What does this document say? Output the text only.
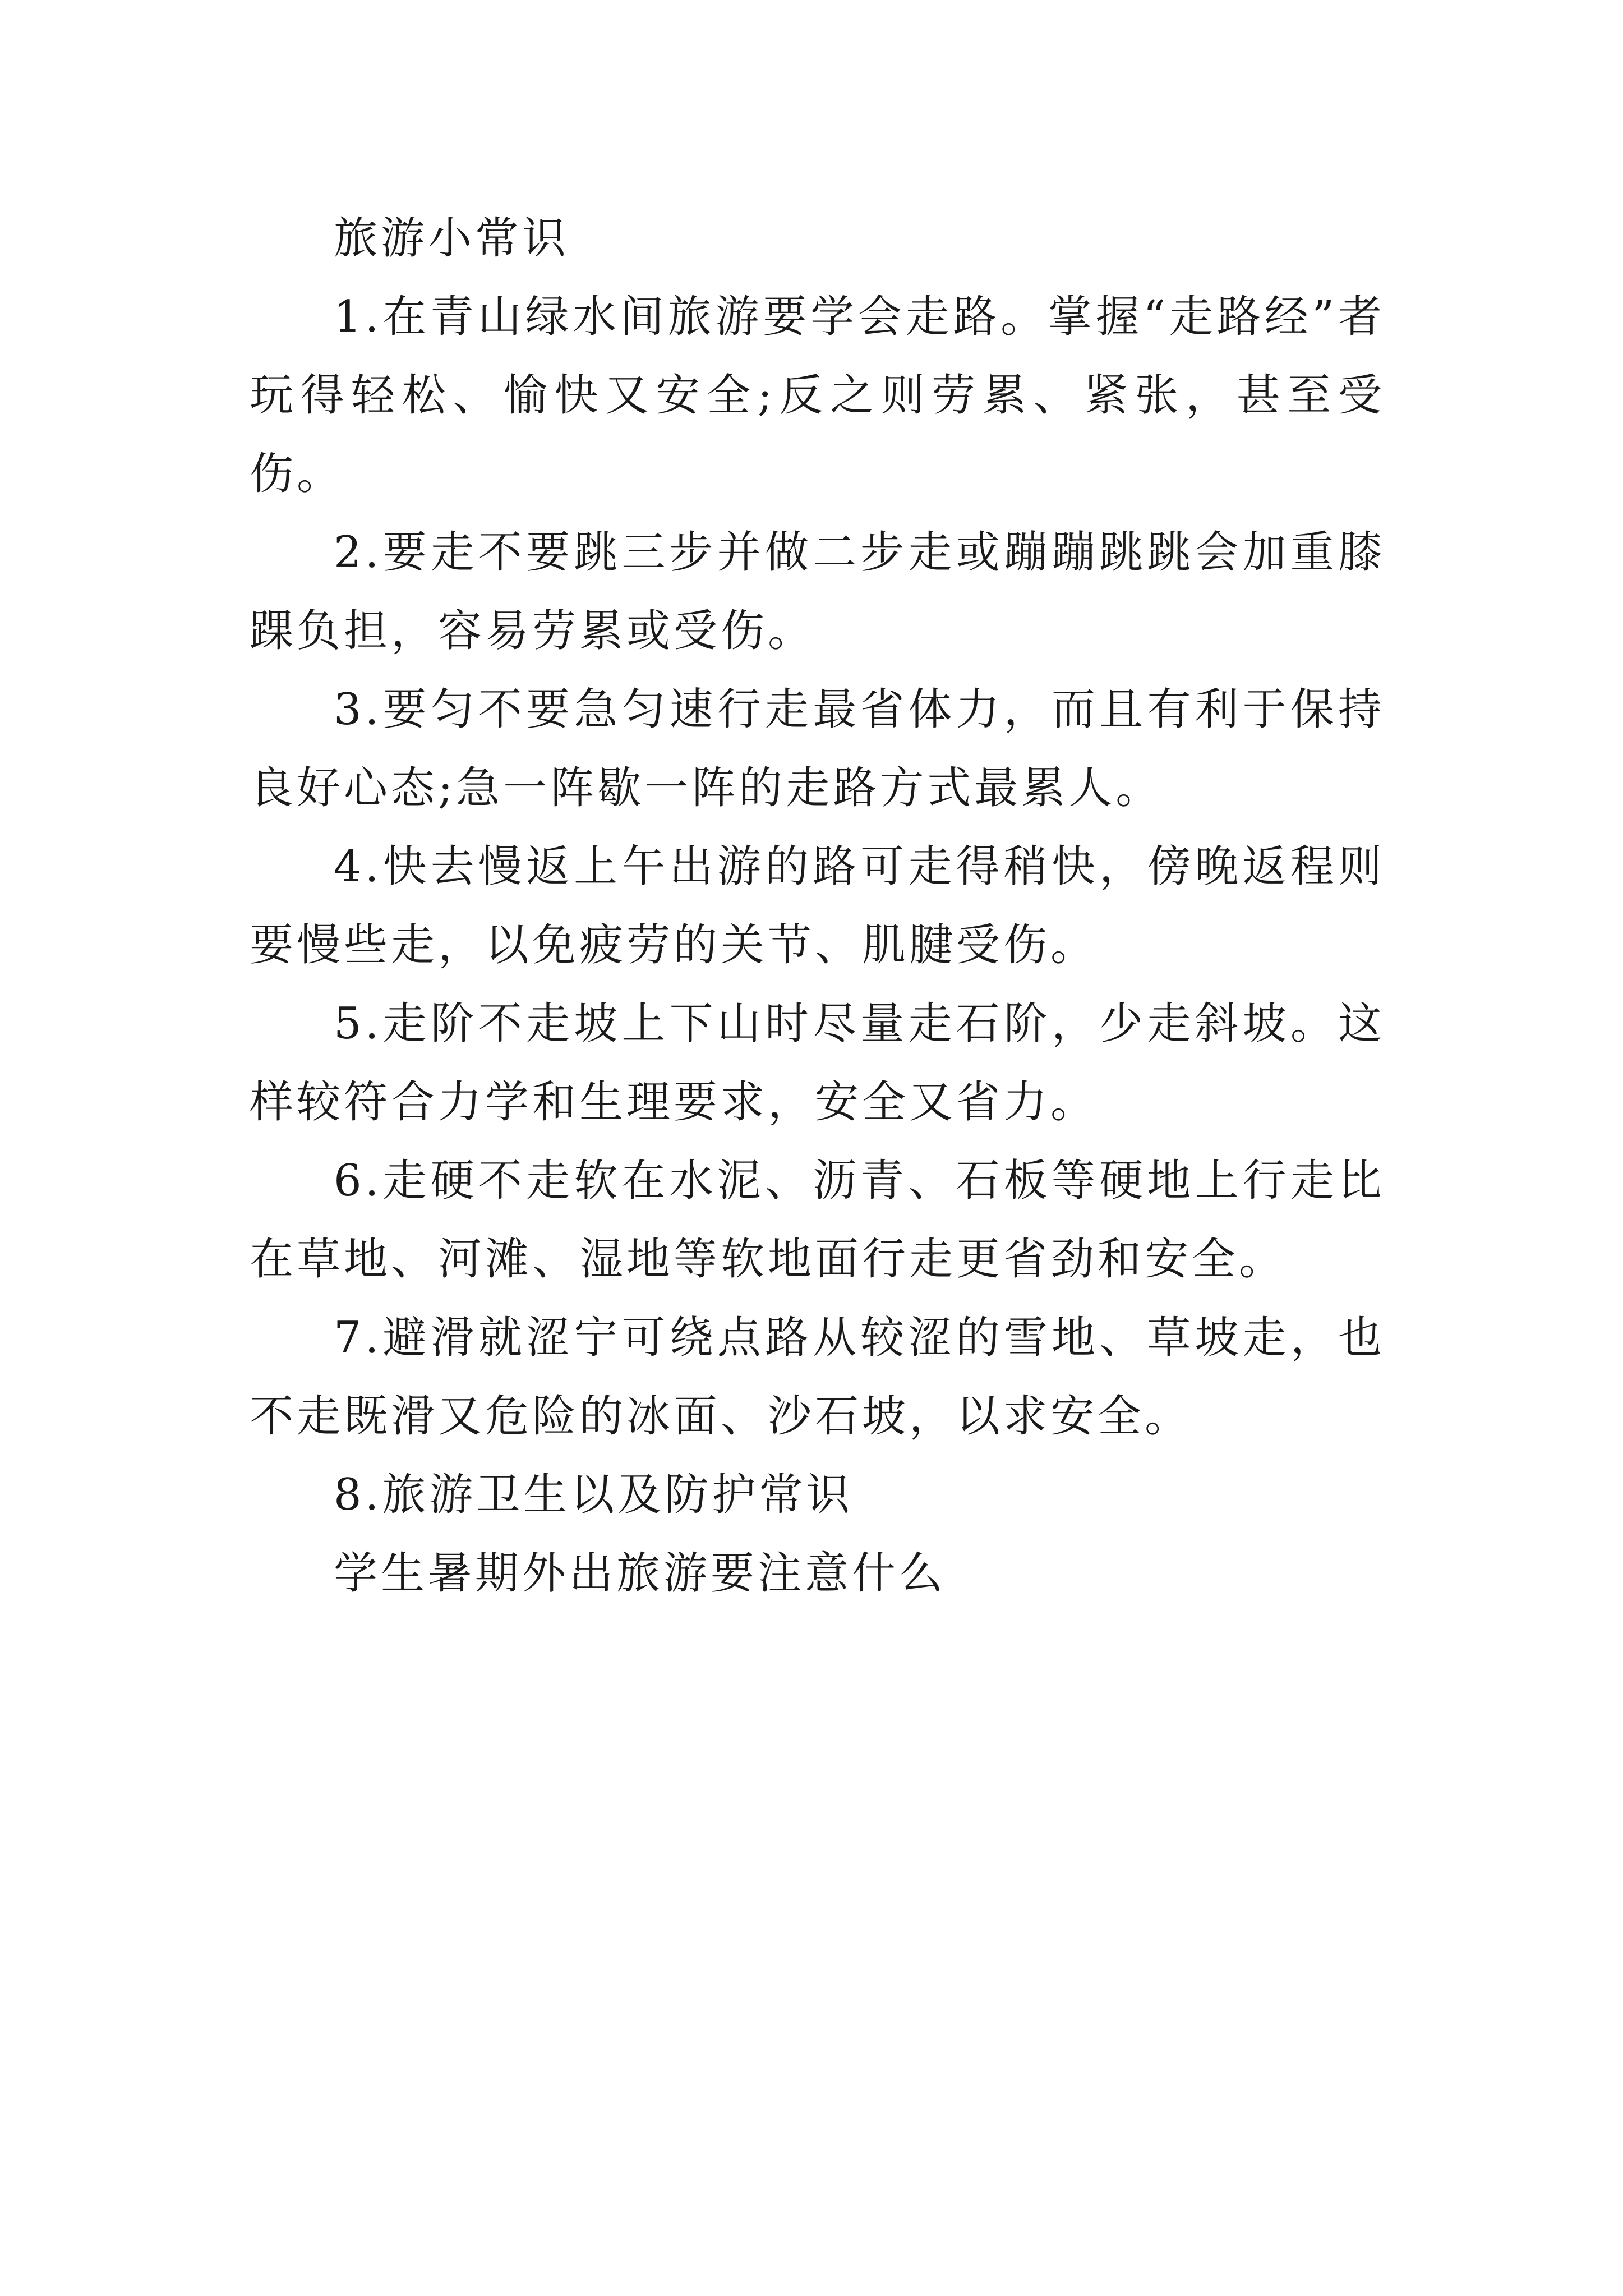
旅游小常识

1.在青山绿水间旅游要学会走路。掌握“走路经”者玩得轻松、愉快又安全;反之则劳累、紧张，甚至受伤。

2.要走不要跳三步并做二步走或蹦蹦跳跳会加重膝踝负担，容易劳累或受伤。

3.要匀不要急匀速行走最省体力，而且有利于保持良好心态;急一阵歇一阵的走路方式最累人。

4.快去慢返上午出游的路可走得稍快，傍晚返程则要慢些走，以免疲劳的关节、肌腱受伤。

5.走阶不走坡上下山时尽量走石阶，少走斜坡。这样较符合力学和生理要求，安全又省力。

6.走硬不走软在水泥、沥青、石板等硬地上行走比在草地、河滩、湿地等软地面行走更省劲和安全。

7.避滑就涩宁可绕点路从较涩的雪地、草坡走，也不走既滑又危险的冰面、沙石坡，以求安全。

8.旅游卫生以及防护常识

学生暑期外出旅游要注意什么
